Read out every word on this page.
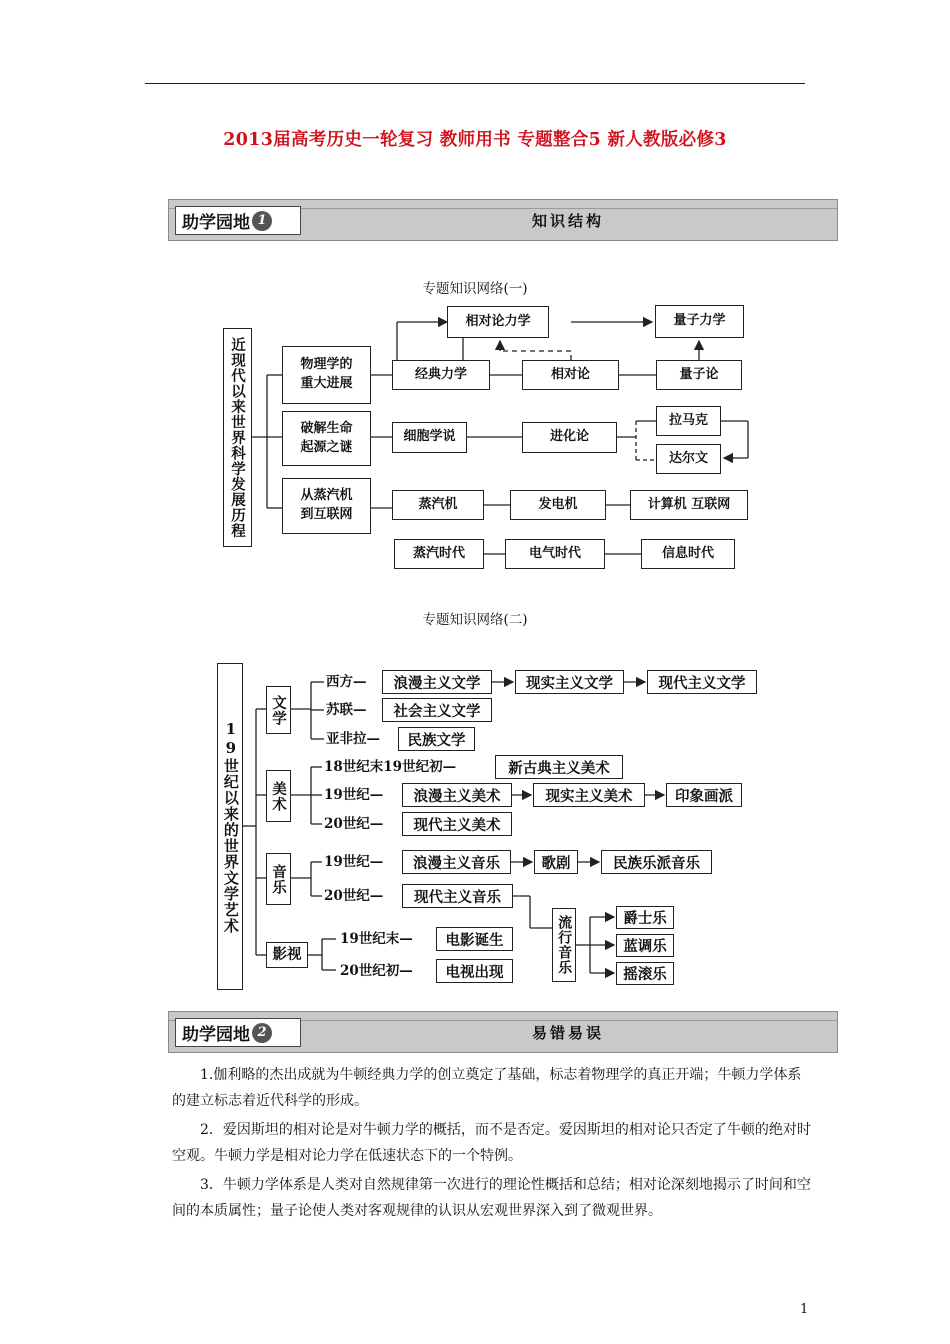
2013届高考历史一轮复习 教师用书 专题整合5 新人教版必修3
助学园地 1	知识结构
专题知识网络(一)
近现代以来世界科学发展历程	物理学的重大进展
破解生命起源之谜
从蒸汽机到互联网
相对论力学	量子力学
经典力学	相对论	量子论
细胞学说	进化论
拉马克
达尔文
蒸汽机	发电机	计算机 互联网
蒸汽时代	电气时代	信息时代
专题知识网络(二)
19世纪以来的世界文学艺术
文学
美术
音乐
影视
西方—	浪漫主义文学	现实主义文学	现代主义文学
苏联—	社会主义文学
亚非拉—	民族文学
18世纪末19世纪初—	新古典主义美术
19世纪—	浪漫主义美术	现实主义美术	印象画派
20世纪—	现代主义美术
19世纪—	浪漫主义音乐	歌剧	民族乐派音乐
20世纪—	现代主义音乐
流行音乐	爵士乐
蓝调乐
摇滚乐
19世纪末—	电影诞生
20世纪初—	电视出现
助学园地 2	易错易误

1.伽利略的杰出成就为牛顿经典力学的创立奠定了基础，标志着物理学的真正开端；牛顿力学体系的建立标志着近代科学的形成。

2．爱因斯坦的相对论是对牛顿力学的概括，而不是否定。爱因斯坦的相对论只否定了牛顿的绝对时空观。牛顿力学是相对论力学在低速状态下的一个特例。

3．牛顿力学体系是人类对自然规律第一次进行的理论性概括和总结；相对论深刻地揭示了时间和空间的本质属性；量子论使人类对客观规律的认识从宏观世界深入到了微观世界。

1
